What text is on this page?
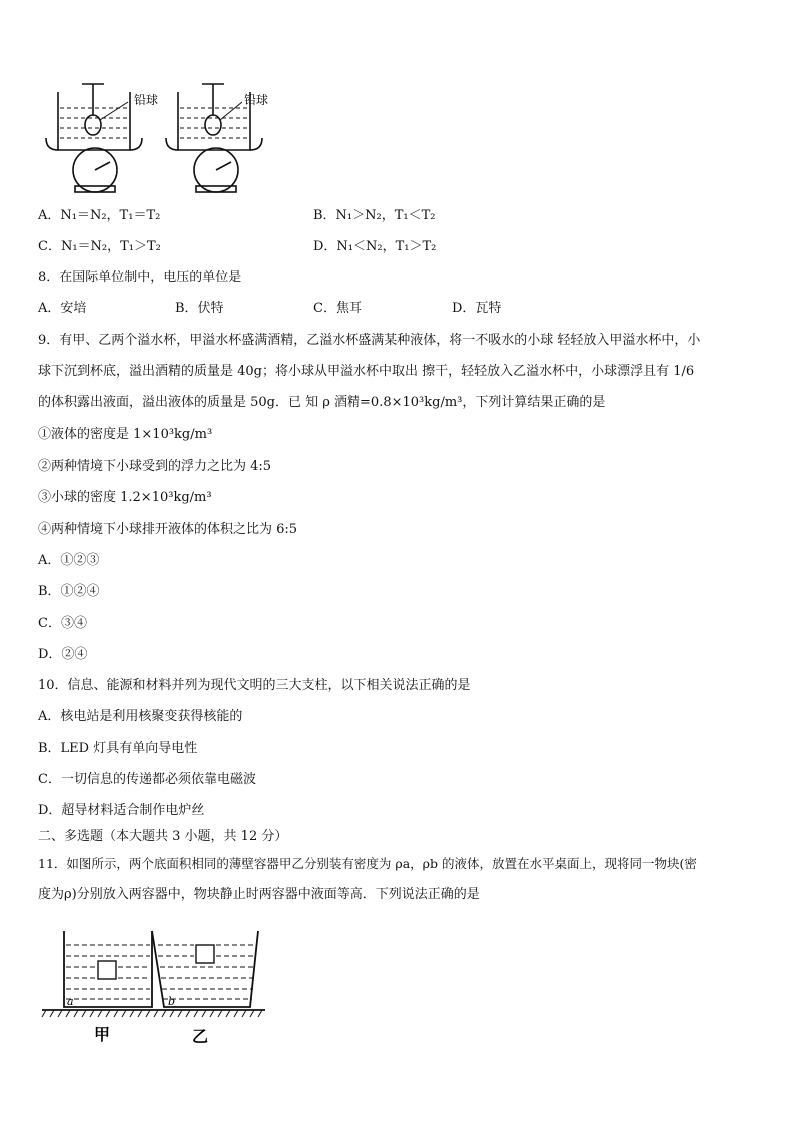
铅球	铅球
A．N₁＝N₂，T₁＝T₂	B．N₁＞N₂，T₁＜T₂
C．N₁＝N₂，T₁＞T₂	D．N₁＜N₂，T₁＞T₂
8．在国际单位制中，电压的单位是
A．安培	B．伏特	C．焦耳	D．瓦特
9．有甲、乙两个溢水杯，甲溢水杯盛满酒精，乙溢水杯盛满某种液体，将一不吸水的小球 轻轻放入甲溢水杯中，小
球下沉到杯底，溢出酒精的质量是 40g；将小球从甲溢水杯中取出 擦干，轻轻放入乙溢水杯中，小球漂浮且有 1/6
的体积露出液面，溢出液体的质量是 50g．已 知 ρ 酒精=0.8×10³kg/m³，下列计算结果正确的是
①液体的密度是 1×10³kg/m³
②两种情境下小球受到的浮力之比为 4:5
③小球的密度 1.2×10³kg/m³
④两种情境下小球排开液体的体积之比为 6:5
A．①②③
B．①②④
C．③④
D．②④
10．信息、能源和材料并列为现代文明的三大支柱，以下相关说法正确的是
A．核电站是利用核聚变获得核能的
B．LED 灯具有单向导电性
C．一切信息的传递都必须依靠电磁波
D．超导材料适合制作电炉丝
二、多选题（本大题共 3 小题，共 12 分）
11．如图所示，两个底面积相同的薄壁容器甲乙分别装有密度为 ρa，ρb 的液体，放置在水平桌面上，现将同一物块(密
度为ρ)分别放入两容器中，物块静止时两容器中液面等高．下列说法正确的是
a	b
甲	乙
